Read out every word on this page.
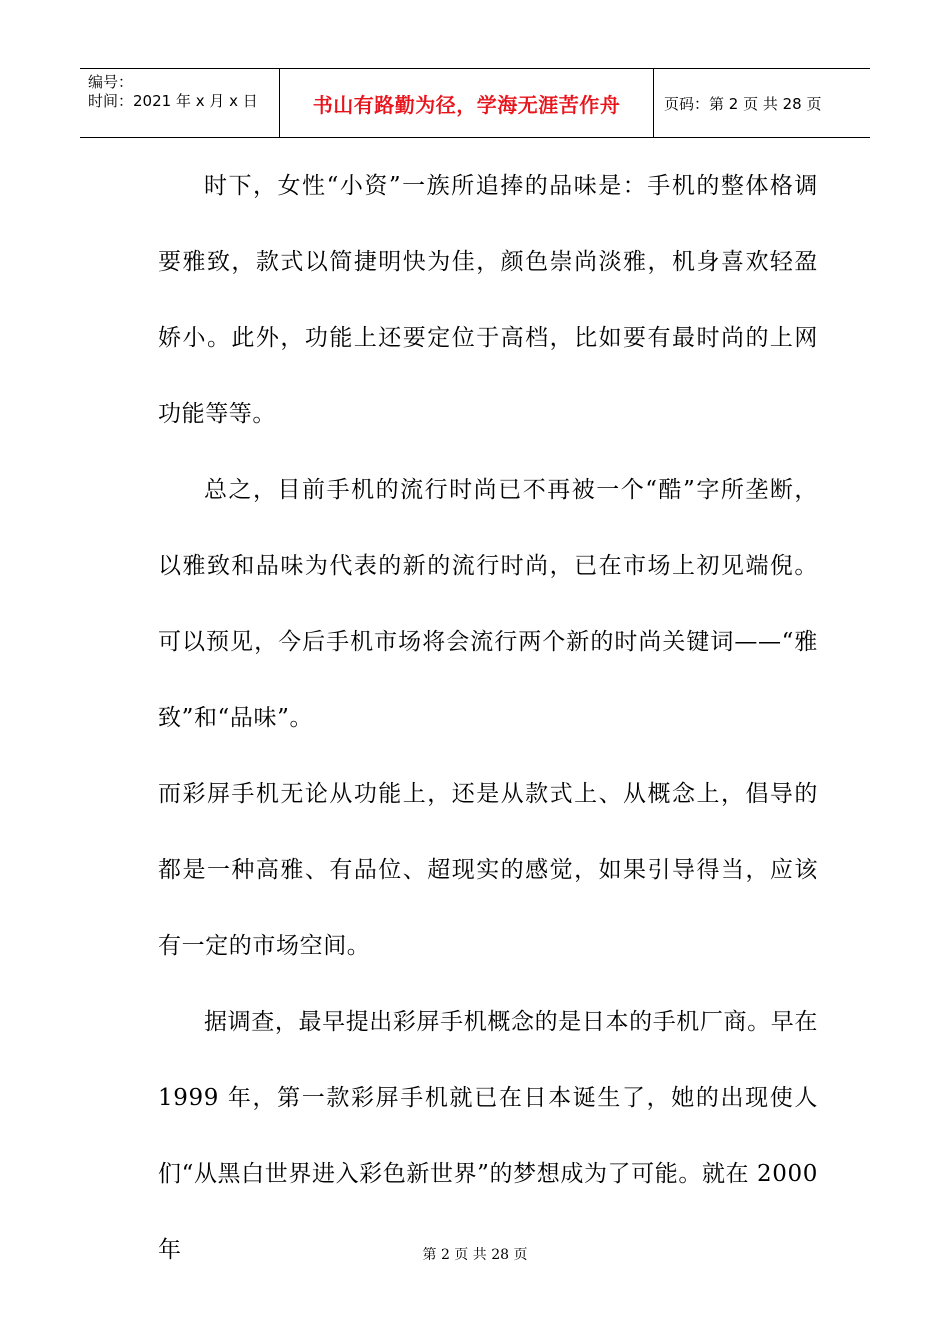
编号：
时间：2021 年 x 月 x 日	书山有路勤为径，学海无涯苦作舟	页码：第 2 页 共 28 页

时下，女性“小资”一族所追捧的品味是：手机的整体格调要雅致，款式以简捷明快为佳，颜色崇尚淡雅，机身喜欢轻盈娇小。此外，功能上还要定位于高档，比如要有最时尚的上网功能等等。

总之，目前手机的流行时尚已不再被一个“酷”字所垄断，以雅致和品味为代表的新的流行时尚，已在市场上初见端倪。可以预见，今后手机市场将会流行两个新的时尚关键词——“雅致”和“品味”。

而彩屏手机无论从功能上，还是从款式上、从概念上，倡导的都是一种高雅、有品位、超现实的感觉，如果引导得当，应该有一定的市场空间。

据调查，最早提出彩屏手机概念的是日本的手机厂商。早在 1999 年，第一款彩屏手机就已在日本诞生了，她的出现使人们“从黑白世界进入彩色新世界”的梦想成为了可能。就在 2000 年	第 2 页 共 28 页
